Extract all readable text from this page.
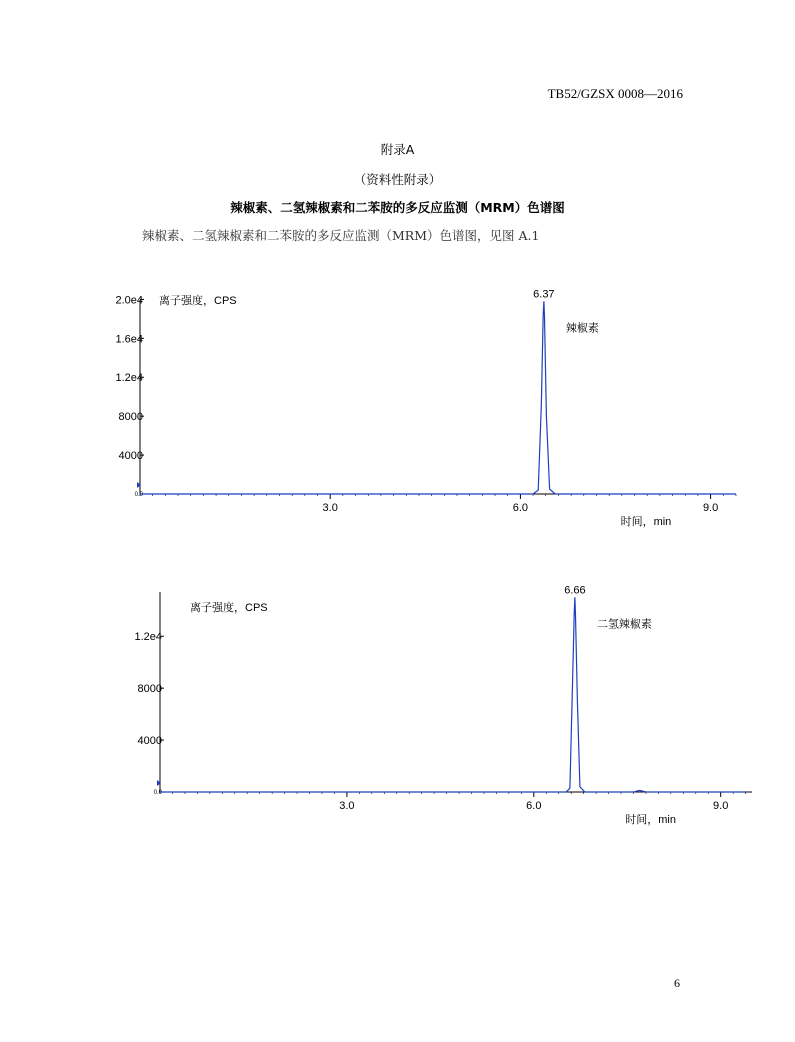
TB52/GZSX 0008—2016
附录A
（资料性附录）
辣椒素、二氢辣椒素和二苯胺的多反应监测（MRM）色谱图
辣椒素、二氢辣椒素和二苯胺的多反应监测（MRM）色谱图，见图 A.1
3.0	6.0	9.0
0.0
4000
8000
1.2e4
1.6e4
2.0e4
6.37
辣椒素
离子强度，CPS
时间，min
3.0	6.0	9.0
0.0
4000
8000
1.2e4
6.66
二氢辣椒素
离子强度，CPS
时间，min
6
